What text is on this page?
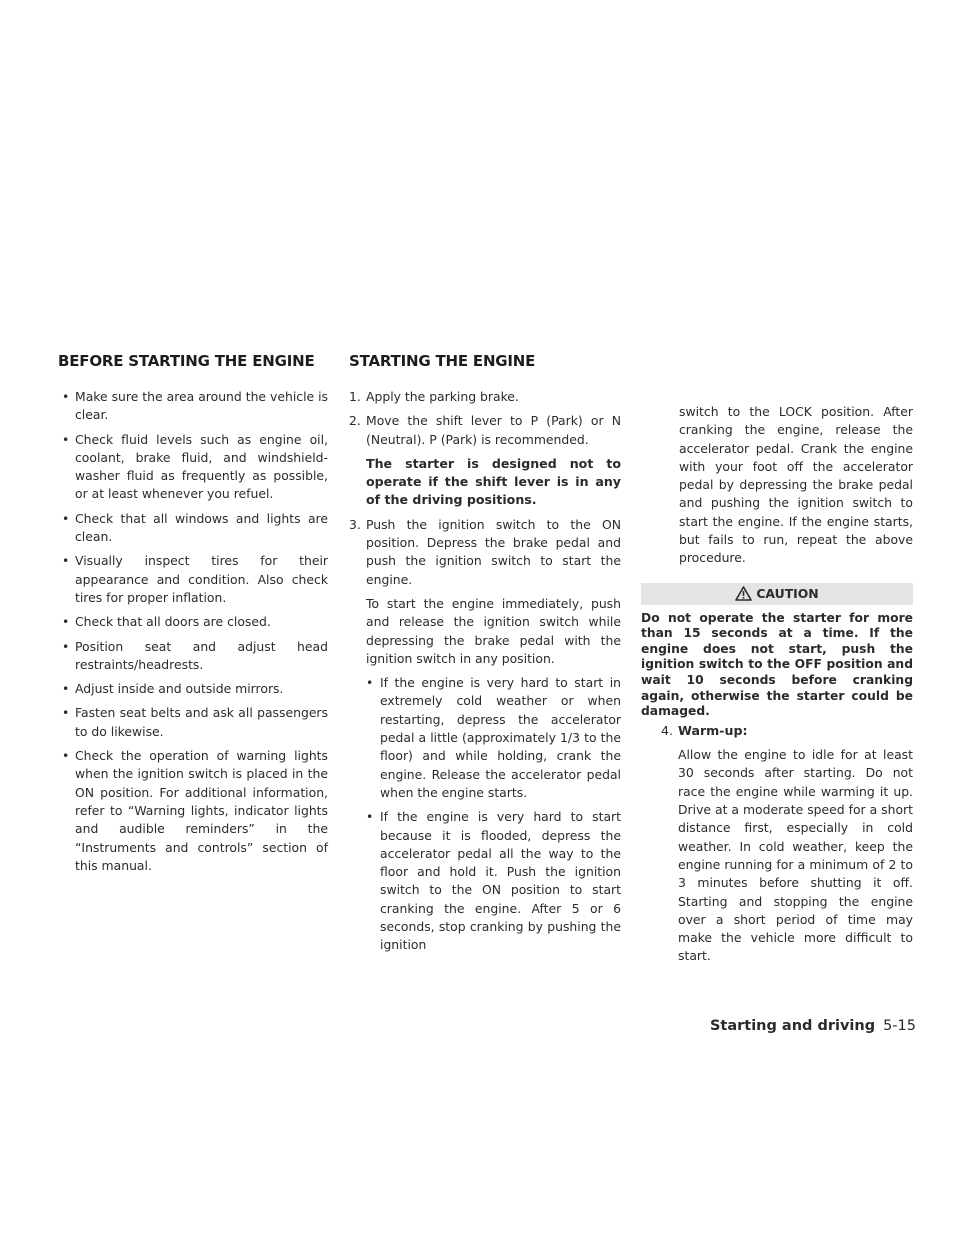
BEFORE STARTING THE ENGINE
• Make sure the area around the vehicle is clear.
• Check fluid levels such as engine oil, coolant, brake fluid, and windshield-washer fluid as frequently as possible, or at least whenever you refuel.
• Check that all windows and lights are clean.
• Visually inspect tires for their appearance and condition. Also check tires for proper inflation.
• Check that all doors are closed.
• Position seat and adjust head restraints/headrests.
• Adjust inside and outside mirrors.
• Fasten seat belts and ask all passengers to do likewise.
• Check the operation of warning lights when the ignition switch is placed in the ON position. For additional information, refer to “Warning lights, indicator lights and audible reminders” in the “Instruments and controls” section of this manual.
STARTING THE ENGINE
1. Apply the parking brake.
2. Move the shift lever to P (Park) or N (Neutral). P (Park) is recommended.
The starter is designed not to operate if the shift lever is in any of the driving positions.
3. Push the ignition switch to the ON position. Depress the brake pedal and push the ignition switch to start the engine.
To start the engine immediately, push and release the ignition switch while depressing the brake pedal with the ignition switch in any position.
• If the engine is very hard to start in extremely cold weather or when restarting, depress the accelerator pedal a little (approximately 1/3 to the floor) and while holding, crank the engine. Release the accelerator pedal when the engine starts.
• If the engine is very hard to start because it is flooded, depress the accelerator pedal all the way to the floor and hold it. Push the ignition switch to the ON position to start cranking the engine. After 5 or 6 seconds, stop cranking by pushing the ignition
switch to the LOCK position. After cranking the engine, release the accelerator pedal. Crank the engine with your foot off the accelerator pedal by depressing the brake pedal and pushing the ignition switch to start the engine. If the engine starts, but fails to run, repeat the above procedure.
CAUTION
Do not operate the starter for more than 15 seconds at a time. If the engine does not start, push the ignition switch to the OFF position and wait 10 seconds before cranking again, otherwise the starter could be damaged.
4. Warm-up:
Allow the engine to idle for at least 30 seconds after starting. Do not race the engine while warming it up. Drive at a moderate speed for a short distance first, especially in cold weather. In cold weather, keep the engine running for a minimum of 2 to 3 minutes before shutting it off. Starting and stopping the engine over a short period of time may make the vehicle more difficult to start.
Starting and driving 5-15
